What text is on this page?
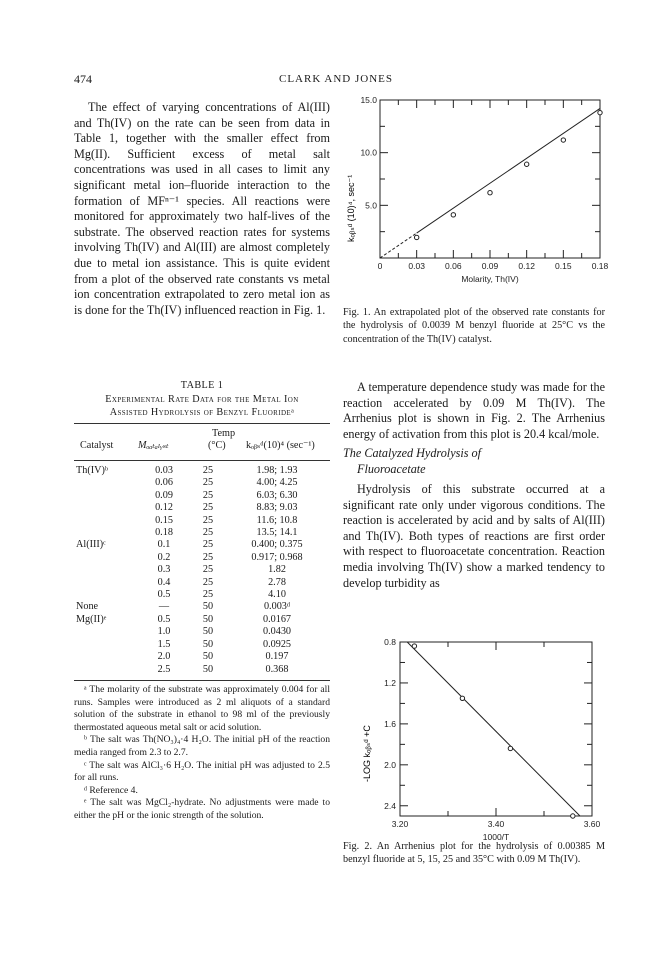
474	CLARK AND JONES

The effect of varying concentrations of Al(III) and Th(IV) on the rate can be seen from data in Table 1, together with the smaller effect from Mg(II). Sufficient excess of metal salt concentrations was used in all cases to limit any significant metal ion–fluoride interaction to the formation of MFⁿ⁻¹ species. All reactions were monitored for approximately two half-lives of the substrate. The observed reaction rates for systems involving Th(IV) and Al(III) are almost completely due to metal ion assistance. This is quite evident from a plot of the observed rate constants vs metal ion concentration extrapolated to zero metal ion as is done for the Th(IV) influenced reaction in Fig. 1.

TABLE 1
Experimental Rate Data for the Metal Ion
Assisted Hydrolysis of Benzyl Fluorideᵃ
Temp
Catalyst Mₒₐₜₐₗᵧₛₜ	(°C) kₒᵦₛᵈ(10)⁴ (sec⁻¹)
Th(IV)ᵇ	0.03	25	1.98; 1.93
	0.06	25	4.00; 4.25
	0.09	25	6.03; 6.30
	0.12	25	8.83; 9.03
	0.15	25	11.6; 10.8
	0.18	25	13.5; 14.1
Al(III)ᶜ	0.1	25	0.400; 0.375
	0.2	25	0.917; 0.968
	0.3	25	1.82
	0.4	25	2.78
	0.5	25	4.10
None	—	50	0.003ᵈ
Mg(II)ᵉ	0.5	50	0.0167
	1.0	50	0.0430
	1.5	50	0.0925
	2.0	50	0.197
	2.5	50	0.368

ᵃ The molarity of the substrate was approximately 0.004 for all runs. Samples were introduced as 2 ml aliquots of a standard solution of the substrate in ethanol to 98 ml of the previously thermostated aqueous metal salt or acid solution.

ᵇ The salt was Th(NO₃)₄·4 H₂O. The initial pH of the reaction media ranged from 2.3 to 2.7.

ᶜ The salt was AlCl₃·6 H₂O. The initial pH was adjusted to 2.5 for all runs.

ᵈ Reference 4.

ᵉ The salt was MgCl₂-hydrate. No adjustments were made to either the pH or the ionic strength of the solution.

kₒᵦₛᵈ (10)⁴, sec⁻¹
0	0.03 0.06 0.09 0.12 0.15 0.18
5.0
10.0
15.0
Molarity, Th(IV)
Fig. 1. An extrapolated plot of the observed rate constants for the hydrolysis of 0.0039 M benzyl fluoride at 25°C vs the concentration of the Th(IV) catalyst.

A temperature dependence study was made for the reaction accelerated by 0.09 M Th(IV). The Arrhenius plot is shown in Fig. 2. The Arrhenius energy of activation from this plot is 20.4 kcal/mole.

The Catalyzed Hydrolysis of
Fluoroacetate

Hydrolysis of this substrate occurred at a significant rate only under vigorous conditions. The reaction is accelerated by acid and by salts of Al(III) and Th(IV). Both types of reactions are first order with respect to fluoroacetate concentration. Reaction media involving Th(IV) show a marked tendency to develop turbidity as

-LOG kₒᵦₛᵈ +C
0.8
1.2
1.6
2.0
2.4
3.20	3.40	3.60
1000/T
Fig. 2. An Arrhenius plot for the hydrolysis of 0.00385 M benzyl fluoride at 5, 15, 25 and 35°C with 0.09 M Th(IV).
